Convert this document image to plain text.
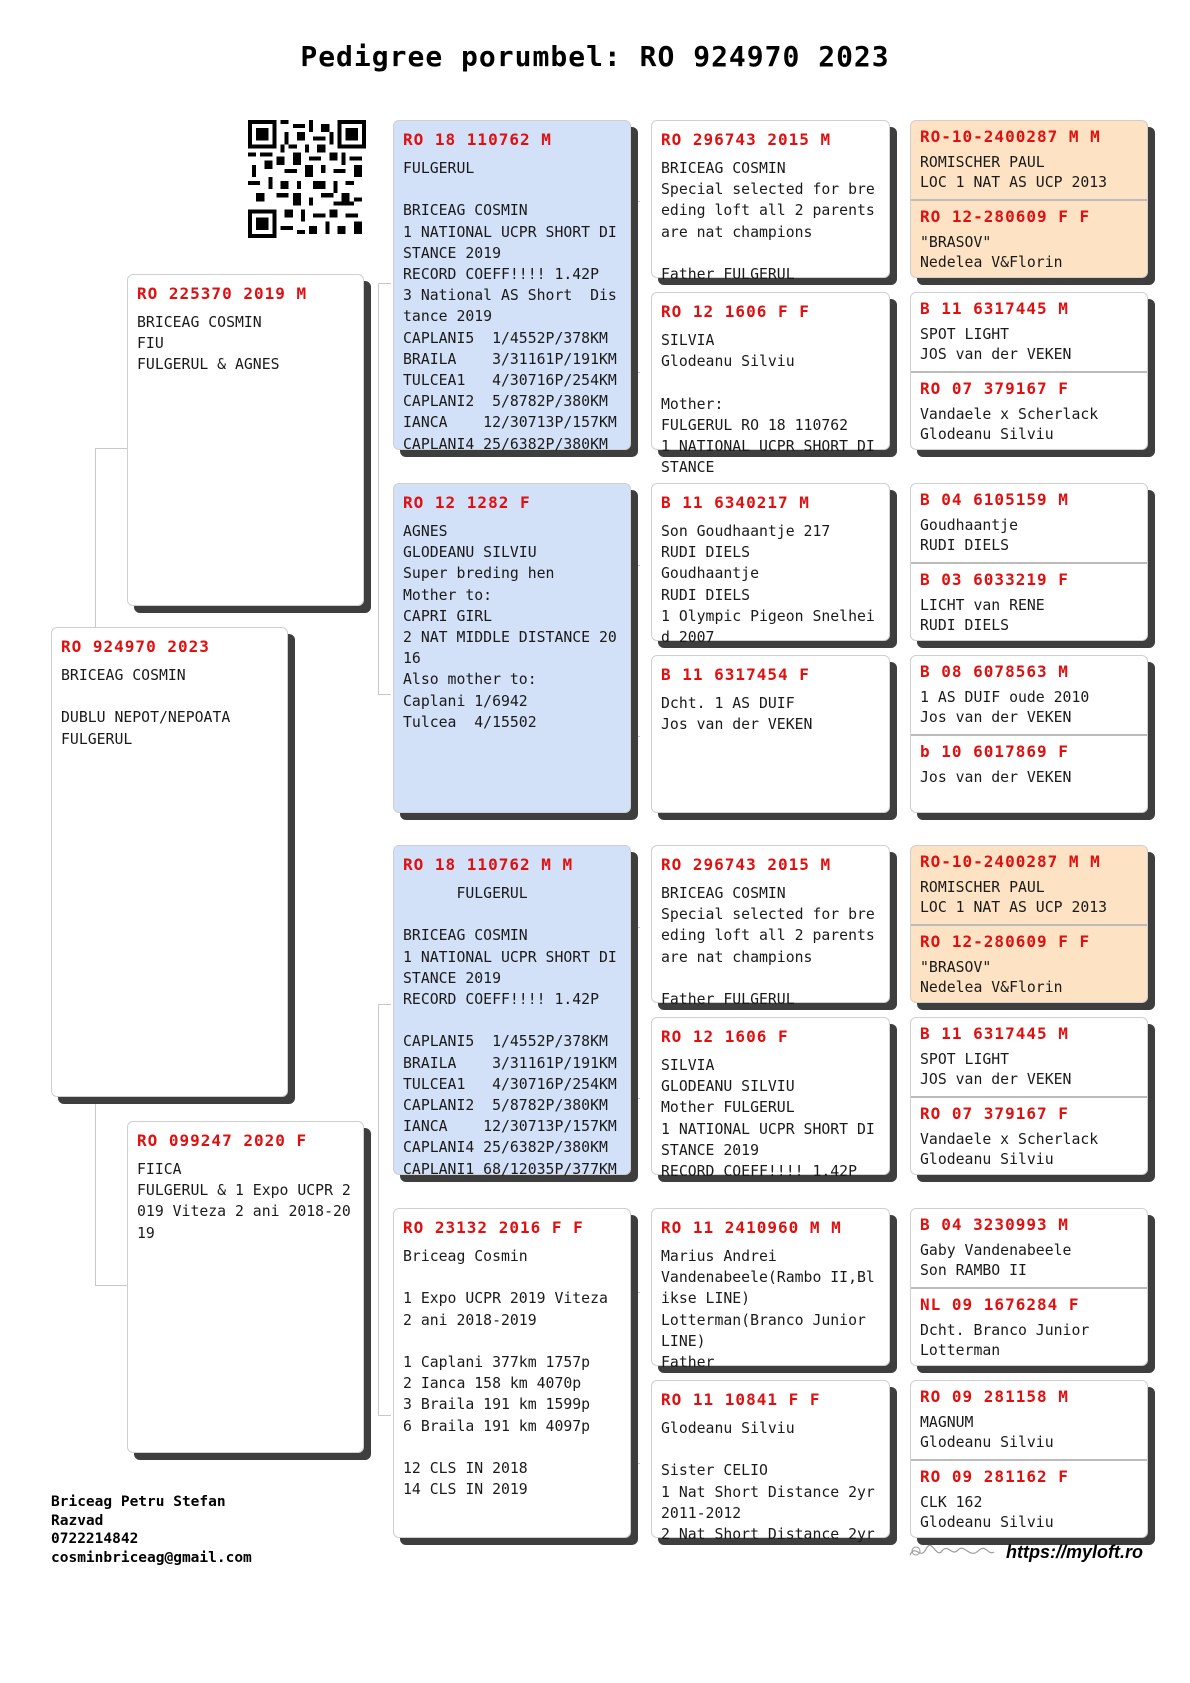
Pedigree porumbel: RO 924970 2023
RO 924970 2023
BRICEAG COSMIN

DUBLU NEPOT/NEPOATA
FULGERUL
RO 225370 2019 M
BRICEAG COSMIN
FIU
FULGERUL & AGNES
RO 099247 2020 F
FIICA
FULGERUL & 1 Expo UCPR 2019 Viteza 2 ani 2018-2019
RO 18 110762 M
FULGERUL

BRICEAG COSMIN
1 NATIONAL UCPR SHORT DISTANCE 2019
RECORD COEFF!!!! 1.42P
3 National AS Short  Distance 2019
CAPLANI5  1/4552P/378KM
BRAILA    3/31161P/191KM
TULCEA1   4/30716P/254KM
CAPLANI2  5/8782P/380KM
IANCA    12/30713P/157KM
CAPLANI4 25/6382P/380KM
RO 12 1282 F
AGNES
GLODEANU SILVIU
Super breding hen
Mother to:
CAPRI GIRL
2 NAT MIDDLE DISTANCE 2016
Also mother to:
Caplani 1/6942
Tulcea  4/15502
RO 18 110762 M M
FULGERUL

BRICEAG COSMIN
1 NATIONAL UCPR SHORT DISTANCE 2019
RECORD COEFF!!!! 1.42P

CAPLANI5  1/4552P/378KM
BRAILA    3/31161P/191KM
TULCEA1   4/30716P/254KM
CAPLANI2  5/8782P/380KM
IANCA    12/30713P/157KM
CAPLANI4 25/6382P/380KM
CAPLANI1 68/12035P/377KM
RO 23132 2016 F F
Briceag Cosmin

1 Expo UCPR 2019 Viteza 2 ani 2018-2019

1 Caplani 377km 1757p
2 Ianca 158 km 4070p
3 Braila 191 km 1599p
6 Braila 191 km 4097p

12 CLS IN 2018
14 CLS IN 2019
RO 296743 2015 M
BRICEAG COSMIN
Special selected for breeding loft all 2 parents are nat champions

Father FULGERUL
RO 12 1606 F F
SILVIA
Glodeanu Silviu

Mother:
FULGERUL RO 18 110762
1 NATIONAL UCPR SHORT DISTANCE
B 11 6340217 M
Son Goudhaantje 217
RUDI DIELS
Goudhaantje
RUDI DIELS
1 Olympic Pigeon Snelheid 2007
B 11 6317454 F
Dcht. 1 AS DUIF
Jos van der VEKEN
RO 296743 2015 M
BRICEAG COSMIN
Special selected for breeding loft all 2 parents are nat champions

Father FULGERUL
RO 12 1606 F
SILVIA
GLODEANU SILVIU
Mother FULGERUL
1 NATIONAL UCPR SHORT DISTANCE 2019
RECORD COEFF!!!! 1.42P
RO 11 2410960 M M
Marius Andrei
Vandenabeele(Rambo II,Blikse LINE)
Lotterman(Branco Junior LINE)
Father
RO 11 10841 F F
Glodeanu Silviu

Sister CELIO
1 Nat Short Distance 2yr 2011-2012
2 Nat Short Distance 2yr
RO-10-2400287 M M
ROMISCHER PAUL
LOC 1 NAT AS UCP 2013
RO 12-280609 F F
"BRASOV"
Nedelea V&Florin
B 11 6317445 M
SPOT LIGHT
JOS van der VEKEN
RO 07 379167 F
Vandaele x Scherlack
Glodeanu Silviu
B 04 6105159 M
Goudhaantje
RUDI DIELS
B 03 6033219 F
LICHT van RENE
RUDI DIELS
B 08 6078563 M
1 AS DUIF oude 2010
Jos van der VEKEN
b 10 6017869 F
Jos van der VEKEN
RO-10-2400287 M M
ROMISCHER PAUL
LOC 1 NAT AS UCP 2013
RO 12-280609 F F
"BRASOV"
Nedelea V&Florin
B 11 6317445 M
SPOT LIGHT
JOS van der VEKEN
RO 07 379167 F
Vandaele x Scherlack
Glodeanu Silviu
B 04 3230993 M
Gaby Vandenabeele
Son RAMBO II
NL 09 1676284 F
Dcht. Branco Junior
Lotterman
RO 09 281158 M
MAGNUM
Glodeanu Silviu
RO 09 281162 F
CLK 162
Glodeanu Silviu
Briceag Petru Stefan
Razvad
0722214842
cosminbriceag@gmail.com	https://myloft.ro
